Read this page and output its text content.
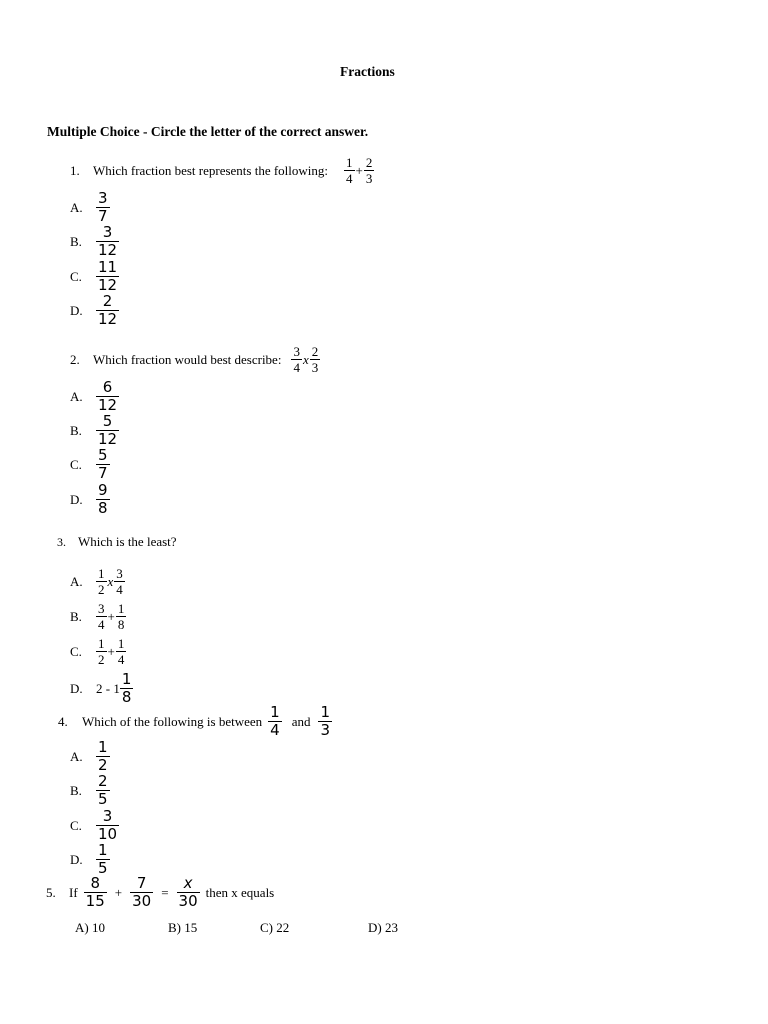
Fractions
Multiple Choice - Circle the letter of the correct answer.
1.	Which fraction best represents the following: $\frac{1}{4} + \frac{2}{3}$
A. $\frac{3}{7}$
B. $\frac{3}{12}$
C. $\frac{11}{12}$
D. $\frac{2}{12}$
2.	Which fraction would best describe: $\frac{3}{4}$ x $\frac{2}{3}$
A. $\frac{6}{12}$
B. $\frac{5}{12}$
C. $\frac{5}{7}$
D. $\frac{9}{8}$
3. Which is the least?
A.	$\frac{1}{2}$ x $\frac{3}{4}$
B.	$\frac{3}{4} + \frac{1}{8}$
C.	$\frac{1}{2} + \frac{1}{4}$
D.	$2 - 1 \frac{1}{8}$
4.	Which of the following is between $\frac{1}{4}$ and $\frac{1}{3}$
A. $\frac{1}{2}$
B. $\frac{2}{5}$
C. $\frac{3}{10}$
D. $\frac{1}{5}$
5.	If $\frac{8}{15} + \frac{7}{30} = \frac{x}{30}$ then x equals
A) 10	B) 15	C) 22	D) 23
